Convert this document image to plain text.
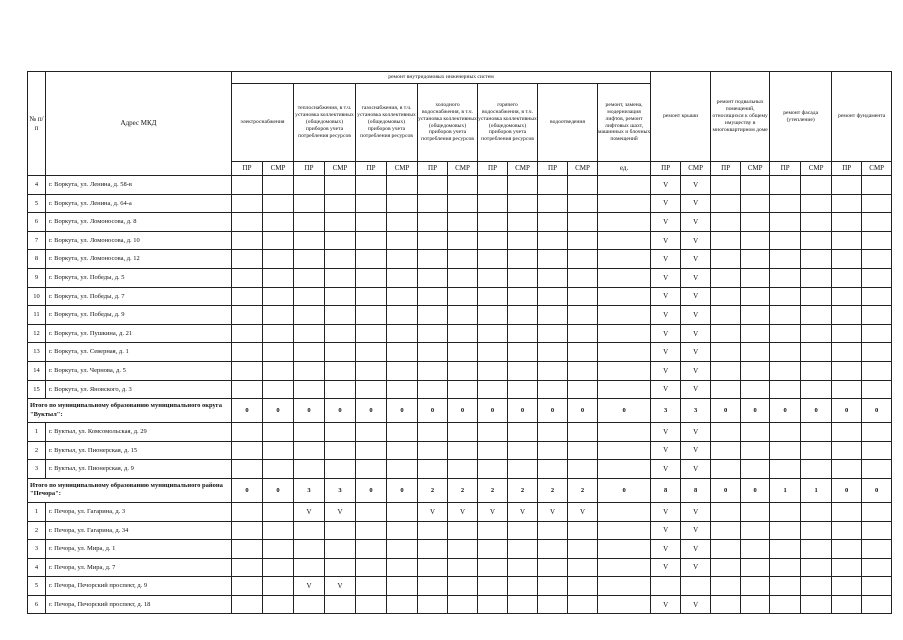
№ п/п	Адрес МКД	ремонт внутридомовых инженерных систем													ремонт крыши		ремонт подвальных помещений, относящихся к общему имуществу в многоквартирном доме		ремонт фасада (утепление)		ремонт фундамента	
		электроснабжения		теплоснабжения, в т.ч. установка коллективных (общедомовых) приборов учета потребления ресурсов		газоснабжения, в т.ч. установка коллективных (общедомовых) приборов учета потребления ресурсов		холодного водоснабжения, в т.ч. установка коллективных (общедомовых) приборов учета потребления ресурсов		горячего водоснабжения, в т.ч. установка коллективных (общедомовых) приборов учета потребления ресурсов		водоотведения		ремонт, замена, модернизация лифтов, ремонт лифтовых шахт, машинных и блочных помещений								
		ПР	СМР	ПР	СМР	ПР	СМР	ПР	СМР	ПР	СМР	ПР	СМР	ед.	ПР	СМР	ПР	СМР	ПР	СМР	ПР	СМР
4	г. Воркута, ул. Ленина, д. 58-в														V	V						
5	г. Воркута, ул. Ленина, д. 64-а														V	V						
6	г. Воркута, ул. Ломоносова, д. 8														V	V						
7	г. Воркута, ул. Ломоносова, д. 10														V	V						
8	г. Воркута, ул. Ломоносова, д. 12														V	V						
9	г. Воркута, ул. Победы, д. 5														V	V						
10	г. Воркута, ул. Победы, д. 7														V	V						
11	г. Воркута, ул. Победы, д. 9														V	V						
12	г. Воркута, ул. Пушкина, д. 21														V	V						
13	г. Воркута, ул. Северная, д. 1														V	V						
14	г. Воркута, ул. Чернова, д. 5														V	V						
15	г. Воркута, ул. Яновского, д. 3														V	V						
Итого по муниципальному образованию муниципального округа "Вуктыл":		0	0	0	0	0	0	0	0	0	0	0	0	0	3	3	0	0	0	0	0	0
1	г. Вуктыл, ул. Комсомольская, д. 29														V	V						
2	г. Вуктыл, ул. Пионерская, д. 15														V	V						
3	г. Вуктыл, ул. Пионерская, д. 9														V	V						
Итого по муниципальному образованию муниципального района "Печора":		0	0	3	3	0	0	2	2	2	2	2	2	0	8	8	0	0	1	1	0	0
1	г. Печора, ул. Гагарина, д. 3			V	V			V	V	V	V	V	V		V	V						
2	г. Печора, ул. Гагарина, д. 34														V	V						
3	г. Печора, ул. Мира, д. 1														V	V						
4	г. Печора, ул. Мира, д. 7														V	V						
5	г. Печора, Печорский проспект, д. 9			V	V																	
6	г. Печора, Печорский проспект, д. 18														V	V						
